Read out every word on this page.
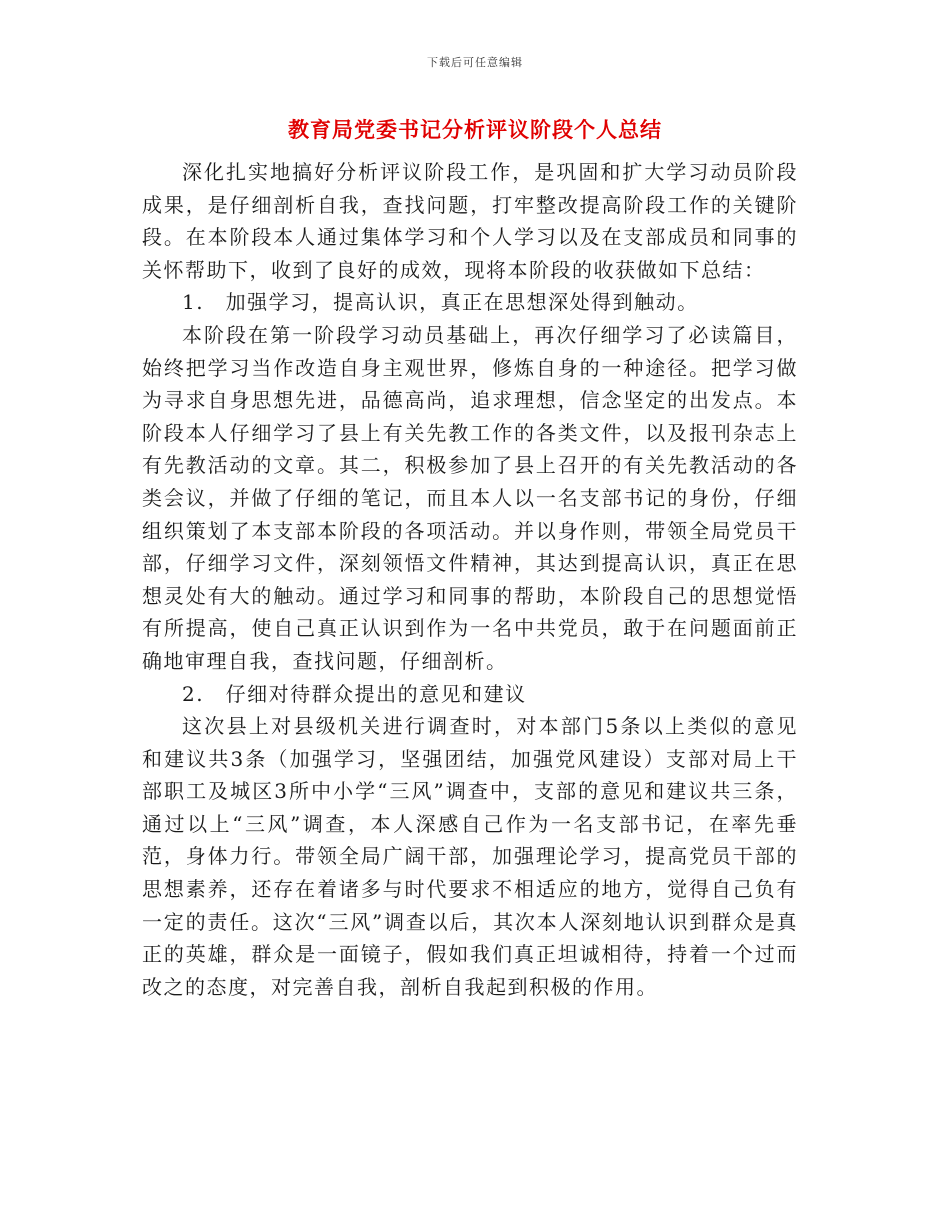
下载后可任意编辑
教育局党委书记分析评议阶段个人总结

深化扎实地搞好分析评议阶段工作，是巩固和扩大学习动员阶段成果，是仔细剖析自我，查找问题，打牢整改提高阶段工作的关键阶段。在本阶段本人通过集体学习和个人学习以及在支部成员和同事的关怀帮助下，收到了良好的成效，现将本阶段的收获做如下总结：

1.　加强学习，提高认识，真正在思想深处得到触动。

本阶段在第一阶段学习动员基础上，再次仔细学习了必读篇目，始终把学习当作改造自身主观世界，修炼自身的一种途径。把学习做为寻求自身思想先进，品德高尚，追求理想，信念坚定的出发点。本阶段本人仔细学习了县上有关先教工作的各类文件，以及报刊杂志上有先教活动的文章。其二，积极参加了县上召开的有关先教活动的各类会议，并做了仔细的笔记，而且本人以一名支部书记的身份，仔细组织策划了本支部本阶段的各项活动。并以身作则，带领全局党员干部，仔细学习文件，深刻领悟文件精神，其达到提高认识，真正在思想灵处有大的触动。通过学习和同事的帮助，本阶段自己的思想觉悟有所提高，使自己真正认识到作为一名中共党员，敢于在问题面前正确地审理自我，查找问题，仔细剖析。

2.　仔细对待群众提出的意见和建议

这次县上对县级机关进行调查时，对本部门5条以上类似的意见和建议共3条（加强学习，坚强团结，加强党风建设）支部对局上干部职工及城区3所中小学“三风”调查中，支部的意见和建议共三条，通过以上“三风”调查，本人深感自己作为一名支部书记，在率先垂范，身体力行。带领全局广阔干部，加强理论学习，提高党员干部的思想素养，还存在着诸多与时代要求不相适应的地方，觉得自己负有一定的责任。这次“三风”调查以后，其次本人深刻地认识到群众是真正的英雄，群众是一面镜子，假如我们真正坦诚相待，持着一个过而改之的态度，对完善自我，剖析自我起到积极的作用。
